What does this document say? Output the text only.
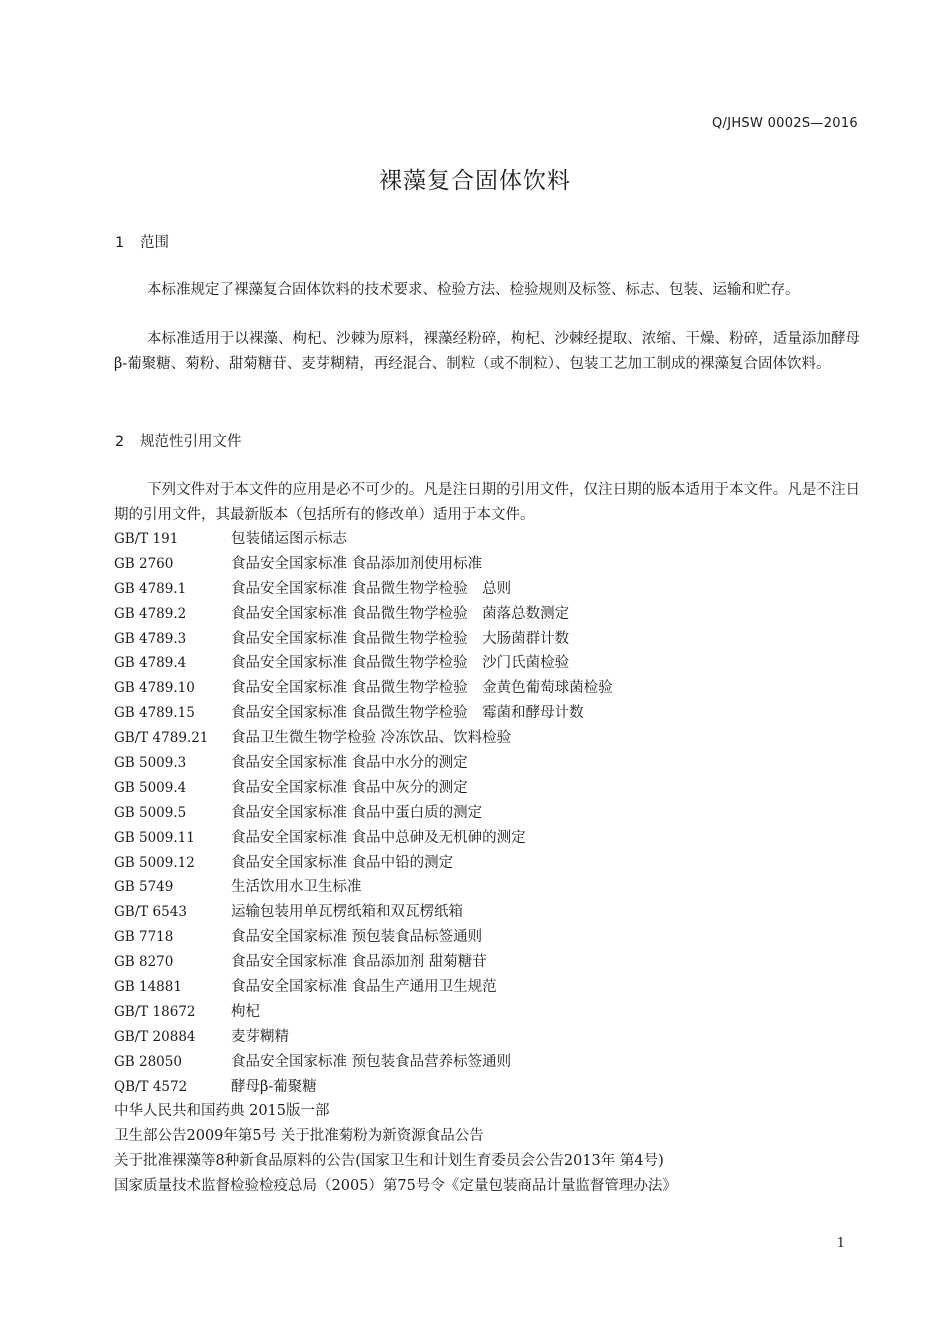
Q/JHSW 0002S—2016
裸藻复合固体饮料
1 范围
本标准规定了裸藻复合固体饮料的技术要求、检验方法、检验规则及标签、标志、包装、运输和贮存。
本标准适用于以裸藻、枸杞、沙棘为原料，裸藻经粉碎，枸杞、沙棘经提取、浓缩、干燥、粉碎，适量添加酵母β-葡聚糖、菊粉、甜菊糖苷、麦芽糊精，再经混合、制粒（或不制粒）、包装工艺加工制成的裸藻复合固体饮料。
2 规范性引用文件
下列文件对于本文件的应用是必不可少的。凡是注日期的引用文件，仅注日期的版本适用于本文件。凡是不注日期的引用文件，其最新版本（包括所有的修改单）适用于本文件。
GB/T 191	包装储运图示标志
GB 2760	食品安全国家标准 食品添加剂使用标准
GB 4789.1	食品安全国家标准 食品微生物学检验　总则
GB 4789.2	食品安全国家标准 食品微生物学检验　菌落总数测定
GB 4789.3	食品安全国家标准 食品微生物学检验　大肠菌群计数
GB 4789.4	食品安全国家标准 食品微生物学检验　沙门氏菌检验
GB 4789.10 食品安全国家标准 食品微生物学检验　金黄色葡萄球菌检验
GB 4789.15 食品安全国家标准 食品微生物学检验　霉菌和酵母计数
GB/T 4789.21 食品卫生微生物学检验 冷冻饮品、饮料检验
GB 5009.3	食品安全国家标准 食品中水分的测定
GB 5009.4	食品安全国家标准 食品中灰分的测定
GB 5009.5	食品安全国家标准 食品中蛋白质的测定
GB 5009.11 食品安全国家标准 食品中总砷及无机砷的测定
GB 5009.12 食品安全国家标准 食品中铅的测定
GB 5749	生活饮用水卫生标准
GB/T 6543	运输包装用单瓦楞纸箱和双瓦楞纸箱
GB 7718	食品安全国家标准 预包装食品标签通则
GB 8270	食品安全国家标准 食品添加剂 甜菊糖苷
GB 14881	食品安全国家标准 食品生产通用卫生规范
GB/T 18672 枸杞
GB/T 20884 麦芽糊精
GB 28050	食品安全国家标准 预包装食品营养标签通则
QB/T 4572	酵母β-葡聚糖
中华人民共和国药典 2015版一部
卫生部公告2009年第5号 关于批准菊粉为新资源食品公告
关于批准裸藻等8种新食品原料的公告(国家卫生和计划生育委员会公告2013年 第4号)
国家质量技术监督检验检疫总局（2005）第75号令《定量包装商品计量监督管理办法》
1
